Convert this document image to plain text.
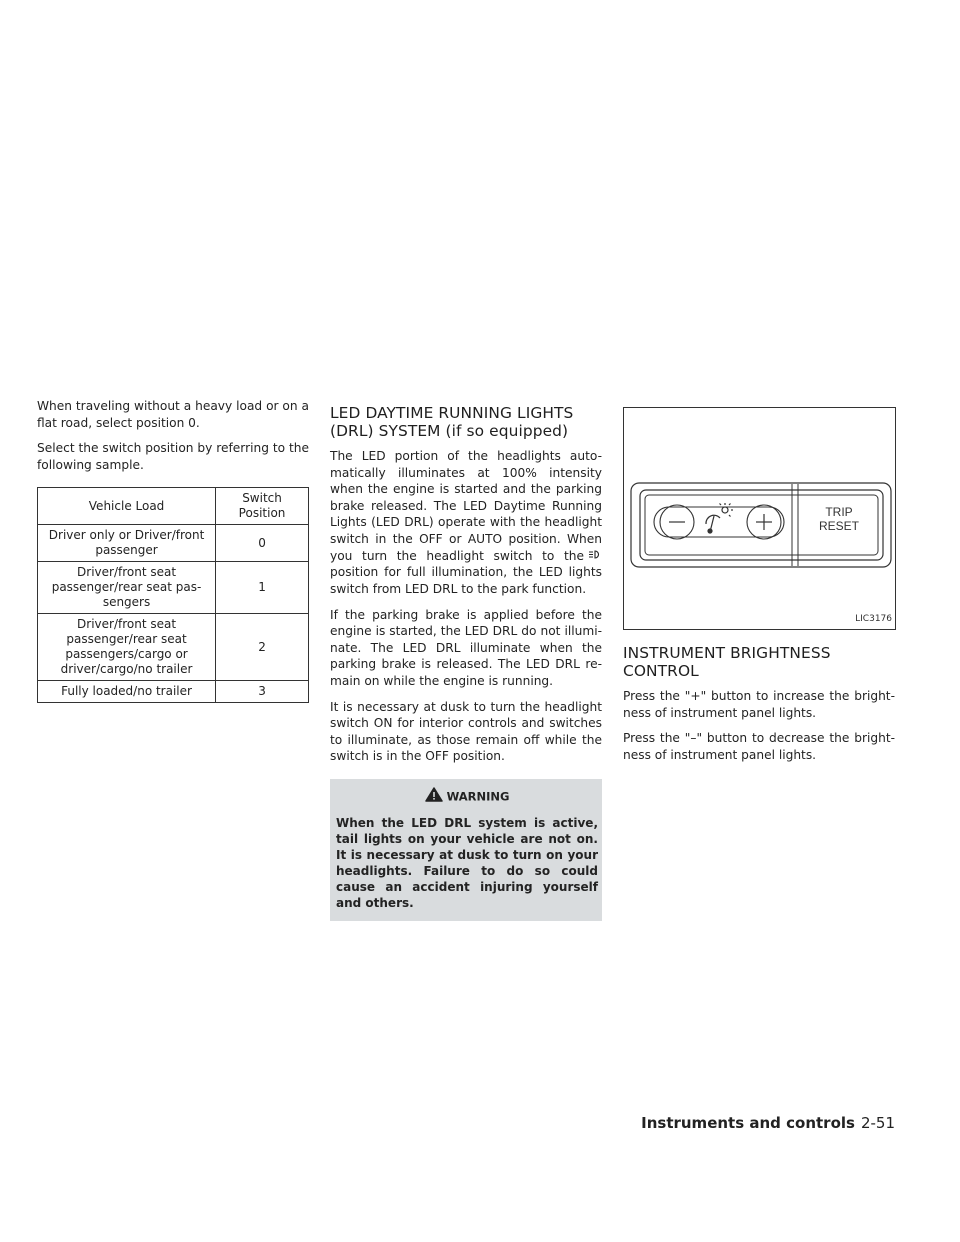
When traveling without a heavy load or on a flat road, select position 0.

Select the switch position by referring to the following sample.

Vehicle Load	Switch Position
Driver only or Driver/front passenger	0
Driver/front seat passenger/rear seat pas-sengers	1
Driver/front seat passenger/rear seat passengers/cargo or driver/cargo/no trailer	2
Fully loaded/no trailer	3
LED DAYTIME RUNNING LIGHTS (DRL) SYSTEM (if so equipped)

The LED portion of the headlights auto-matically illuminates at 100% intensity when the engine is started and the parking brake released. The LED Daytime Running Lights (LED DRL) operate with the headlight switch in the OFF or AUTO position. When you turn the headlight switch to the position for full illumination, the LED lights switch from LED DRL to the park function.

If the parking brake is applied before the engine is started, the LED DRL do not illumi-nate. The LED DRL illuminate when the parking brake is released. The LED DRL re-main on while the engine is running.

It is necessary at dusk to turn the headlight switch ON for interior controls and switches to illuminate, as those remain off while the switch is in the OFF position.

WARNING
When the LED DRL system is active, tail lights on your vehicle are not on. It is necessary at dusk to turn on your headlights. Failure to do so could cause an accident injuring yourself and others.
TRIP
RESET
LIC3176
INSTRUMENT BRIGHTNESS CONTROL

Press the "+" button to increase the bright-ness of instrument panel lights.

Press the "–" button to decrease the bright-ness of instrument panel lights.

Instruments and controls 2-51
